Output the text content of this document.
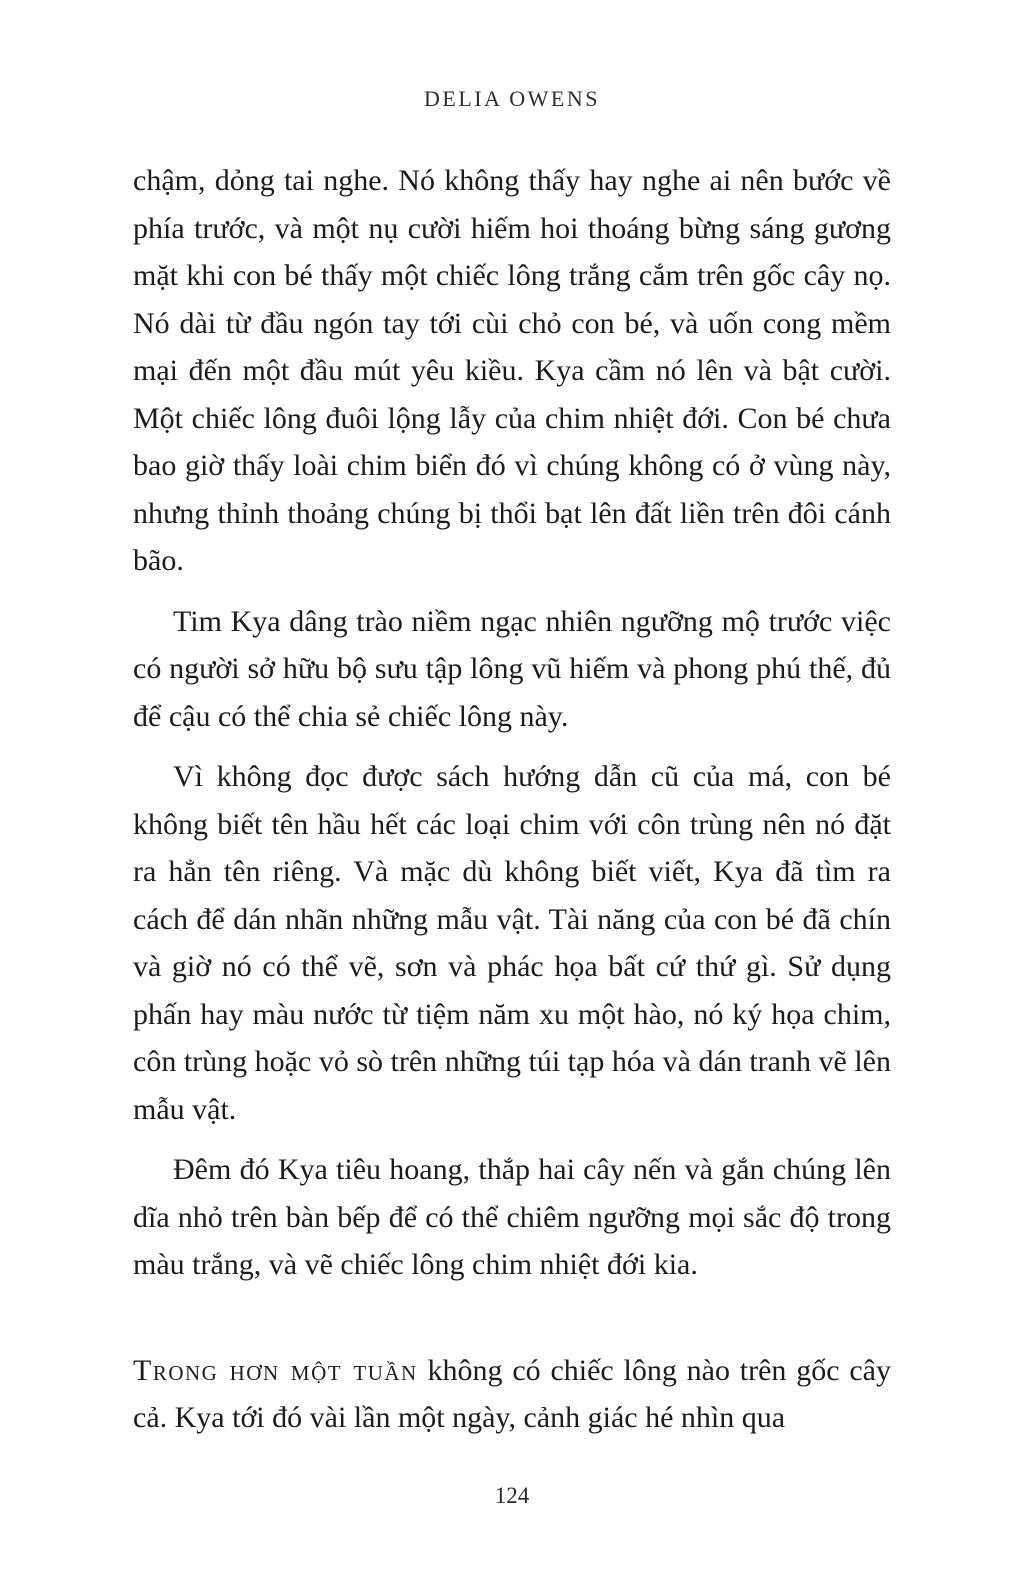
DELIA OWENS

chậm, dỏng tai nghe. Nó không thấy hay nghe ai nên bước về phía trước, và một nụ cười hiếm hoi thoáng bừng sáng gương mặt khi con bé thấy một chiếc lông trắng cắm trên gốc cây nọ. Nó dài từ đầu ngón tay tới cùi chỏ con bé, và uốn cong mềm mại đến một đầu mút yêu kiều. Kya cầm nó lên và bật cười. Một chiếc lông đuôi lộng lẫy của chim nhiệt đới. Con bé chưa bao giờ thấy loài chim biển đó vì chúng không có ở vùng này, nhưng thỉnh thoảng chúng bị thổi bạt lên đất liền trên đôi cánh bão.

Tim Kya dâng trào niềm ngạc nhiên ngưỡng mộ trước việc có người sở hữu bộ sưu tập lông vũ hiếm và phong phú thế, đủ để cậu có thể chia sẻ chiếc lông này.

Vì không đọc được sách hướng dẫn cũ của má, con bé không biết tên hầu hết các loại chim với côn trùng nên nó đặt ra hẳn tên riêng. Và mặc dù không biết viết, Kya đã tìm ra cách để dán nhãn những mẫu vật. Tài năng của con bé đã chín và giờ nó có thể vẽ, sơn và phác họa bất cứ thứ gì. Sử dụng phấn hay màu nước từ tiệm năm xu một hào, nó ký họa chim, côn trùng hoặc vỏ sò trên những túi tạp hóa và dán tranh vẽ lên mẫu vật.

Đêm đó Kya tiêu hoang, thắp hai cây nến và gắn chúng lên dĩa nhỏ trên bàn bếp để có thể chiêm ngưỡng mọi sắc độ trong màu trắng, và vẽ chiếc lông chim nhiệt đới kia.

Trong hơn một tuần không có chiếc lông nào trên gốc cây cả. Kya tới đó vài lần một ngày, cảnh giác hé nhìn qua

124
